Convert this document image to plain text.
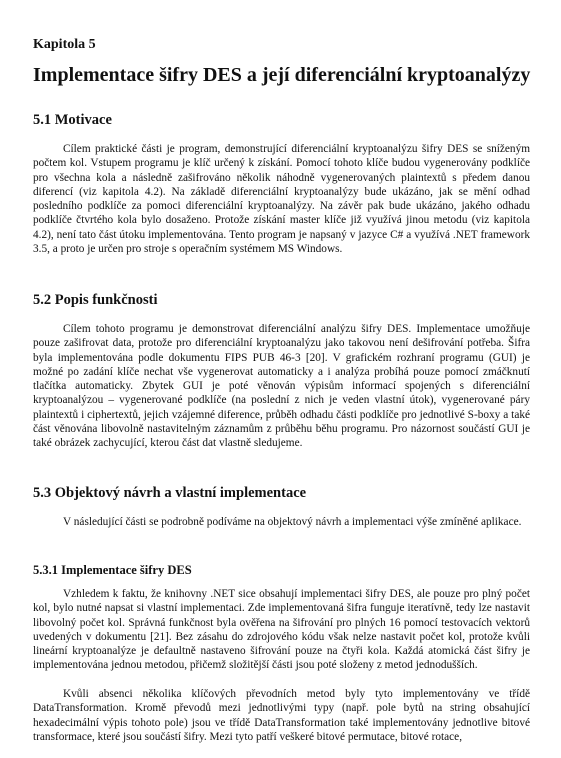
Kapitola 5
Implementace šifry DES a její diferenciální kryptoanalýzy
5.1 Motivace

Cílem praktické části je program, demonstrující diferenciální kryptoanalýzu šifry DES se sníženým počtem kol. Vstupem programu je klíč určený k získání. Pomocí tohoto klíče budou vygenerovány podklíče pro všechna kola a následně zašifrováno několik náhodně vygenerovaných plaintextů s předem danou diferencí (viz kapitola 4.2). Na základě diferenciální kryptoanalýzy bude ukázáno, jak se mění odhad posledního podklíče za pomoci diferenciální kryptoanalýzy. Na závěr pak bude ukázáno, jakého odhadu podklíče čtvrtého kola bylo dosaženo. Protože získání master klíče již využívá jinou metodu (viz kapitola 4.2), není tato část útoku implementována. Tento program je napsaný v jazyce C# a využívá .NET framework 3.5, a proto je určen pro stroje s operačním systémem MS Windows.

5.2 Popis funkčnosti

Cílem tohoto programu je demonstrovat diferenciální analýzu šifry DES. Implementace umožňuje pouze zašifrovat data, protože pro diferenciální kryptoanalýzu jako takovou není dešifrování potřeba. Šifra byla implementována podle dokumentu FIPS PUB 46-3 [20]. V grafickém rozhraní programu (GUI) je možné po zadání klíče nechat vše vygenerovat automaticky a i analýza probíhá pouze pomocí zmáčknutí tlačítka automaticky. Zbytek GUI je poté věnován výpisům informací spojených s diferenciální kryptoanalýzou – vygenerované podklíče (na poslední z nich je veden vlastní útok), vygenerované páry plaintextů i ciphertextů, jejich vzájemné diference, průběh odhadu části podklíče pro jednotlivé S-boxy a také část věnována libovolně nastavitelným záznamům z průběhu běhu programu. Pro názornost součástí GUI je také obrázek zachycující, kterou část dat vlastně sledujeme.

5.3 Objektový návrh a vlastní implementace

V následující části se podrobně podíváme na objektový návrh a implementaci výše zmíněné aplikace.

5.3.1 Implementace šifry DES

Vzhledem k faktu, že knihovny .NET sice obsahují implementaci šifry DES, ale pouze pro plný počet kol, bylo nutné napsat si vlastní implementaci. Zde implementovaná šifra funguje iteratívně, tedy lze nastavit libovolný počet kol. Správná funkčnost byla ověřena na šifrování pro plných 16 pomocí testovacích vektorů uvedených v dokumentu [21]. Bez zásahu do zdrojového kódu však nelze nastavit počet kol, protože kvůli lineární kryptoanalýze je defaultně nastaveno šifrování pouze na čtyři kola. Každá atomická část šifry je implementována jednou metodou, přičemž složitější části jsou poté složeny z metod jednodušších.

Kvůli absenci několika klíčových převodních metod byly tyto implementovány ve třídě DataTransformation. Kromě převodů mezi jednotlivými typy (např. pole bytů na string obsahující hexadecimální výpis tohoto pole) jsou ve třídě DataTransformation také implementovány jednotlive bitové transformace, které jsou součástí šifry. Mezi tyto patří veškeré bitové permutace, bitové rotace,
